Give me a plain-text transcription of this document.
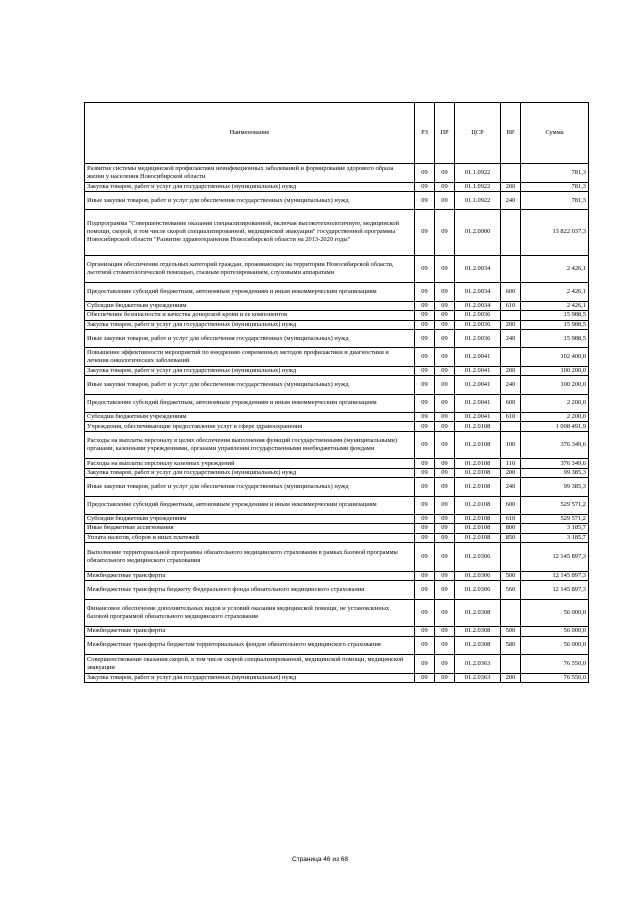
Наименование	РЗ	ПР	ЦСР	ВР	Сумма
Развитие системы медицинской профилактики неинфекционных заболеваний и формирование здорового образа жизни у населения Новосибирской области	09	09	01.1.0922		781,3
Закупка товаров, работ и услуг для государственных (муниципальных) нужд	09	09	01.1.0922	200	781,3
Иные закупки товаров, работ и услуг для обеспечения государственных (муниципальных) нужд	09	09	01.1.0922	240	781,3
Подпрограмма "Совершенствование оказания специализированной, включая высокотехнологичную, медицинской помощи, скорой, в том числе скорой специализированной, медицинской эвакуации" государственной программы Новосибирской области "Развитие здравоохранения Новосибирской области на 2013-2020 годы"	09	09	01.2.0000		13 822 037,3
Организация обеспечения отдельных категорий граждан, проживающих на территории Новосибирской области, льготной стоматологической помощью, глазным протезированием, слуховыми аппаратами	09	09	01.2.0034		2 426,1
Предоставление субсидий бюджетным, автономным учреждениям и иным некоммерческим организациям	09	09	01.2.0034	600	2 426,1
Субсидии бюджетным учреждениям	09	09	01.2.0034	610	2 426,1
Обеспечение безопасности и качества донорской крови и ее компонентов	09	09	01.2.0036		15 988,5
Закупка товаров, работ и услуг для государственных (муниципальных) нужд	09	09	01.2.0036	200	15 988,5
Иные закупки товаров, работ и услуг для обеспечения государственных (муниципальных) нужд	09	09	01.2.0036	240	15 988,5
Повышение эффективности мероприятий по внедрению современных методов профилактики и диагностики и лечения онкологических заболеваний	09	09	01.2.0041		102 400,0
Закупка товаров, работ и услуг для государственных (муниципальных) нужд	09	09	01.2.0041	200	100 200,0
Иные закупки товаров, работ и услуг для обеспечения государственных (муниципальных) нужд	09	09	01.2.0041	240	100 200,0
Предоставление субсидий бюджетным, автономным учреждениям и иным некоммерческим организациям	09	09	01.2.0041	600	2 200,0
Субсидии бюджетным учреждениям	09	09	01.2.0041	610	2 200,0
Учреждения, обеспечивающие предоставление услуг в сфере здравоохранения	09	09	01.2.0108		1 008 491,9
Расходы на выплаты персоналу в целях обеспечения выполнения функций государственными (муниципальными) органами, казенными учреждениями, органами управления государственными внебюджетными фондами	09	09	01.2.0108	100	376 349,6
Расходы на выплаты персоналу казенных учреждений	09	09	01.2.0108	110	376 349,6
Закупка товаров, работ и услуг для государственных (муниципальных) нужд	09	09	01.2.0108	200	99 385,3
Иные закупки товаров, работ и услуг для обеспечения государственных (муниципальных) нужд	09	09	01.2.0108	240	99 385,3
Предоставление субсидий бюджетным, автономным учреждениям и иным некоммерческим организациям	09	09	01.2.0108	600	529 571,2
Субсидии бюджетным учреждениям	09	09	01.2.0108	610	529 571,2
Иные бюджетные ассигнования	09	09	01.2.0108	800	3 185,7
Уплата налогов, сборов и иных платежей	09	09	01.2.0108	850	3 185,7
Выполнение территориальной программы обязательного медицинского страхования в рамках базовой программы обязательного медицинского страхования	09	09	01.2.0306		12 145 897,3
Межбюджетные трансферты	09	09	01.2.0306	500	12 145 897,3
Межбюджетные трансферты бюджету Федерального фонда обязательного медицинского страхования	09	09	01.2.0306	560	12 145 897,3
Финансовое обеспечение дополнительных видов и условий оказания медицинской помощи, не установленных базовой программой обязательного медицинского страхования	09	09	01.2.0308		56 000,0
Межбюджетные трансферты	09	09	01.2.0308	500	56 000,0
Межбюджетные трансферты бюджетам территориальных фондов обязательного медицинского страхования	09	09	01.2.0308	580	56 000,0
Совершенствование оказания скорой, в том числе скорой специализированной, медицинской помощи, медицинской эвакуации	09	09	01.2.0363		76 550,0
Закупка товаров, работ и услуг для государственных (муниципальных) нужд	09	09	01.2.0363	200	76 550,0
Страница 46 из 68
